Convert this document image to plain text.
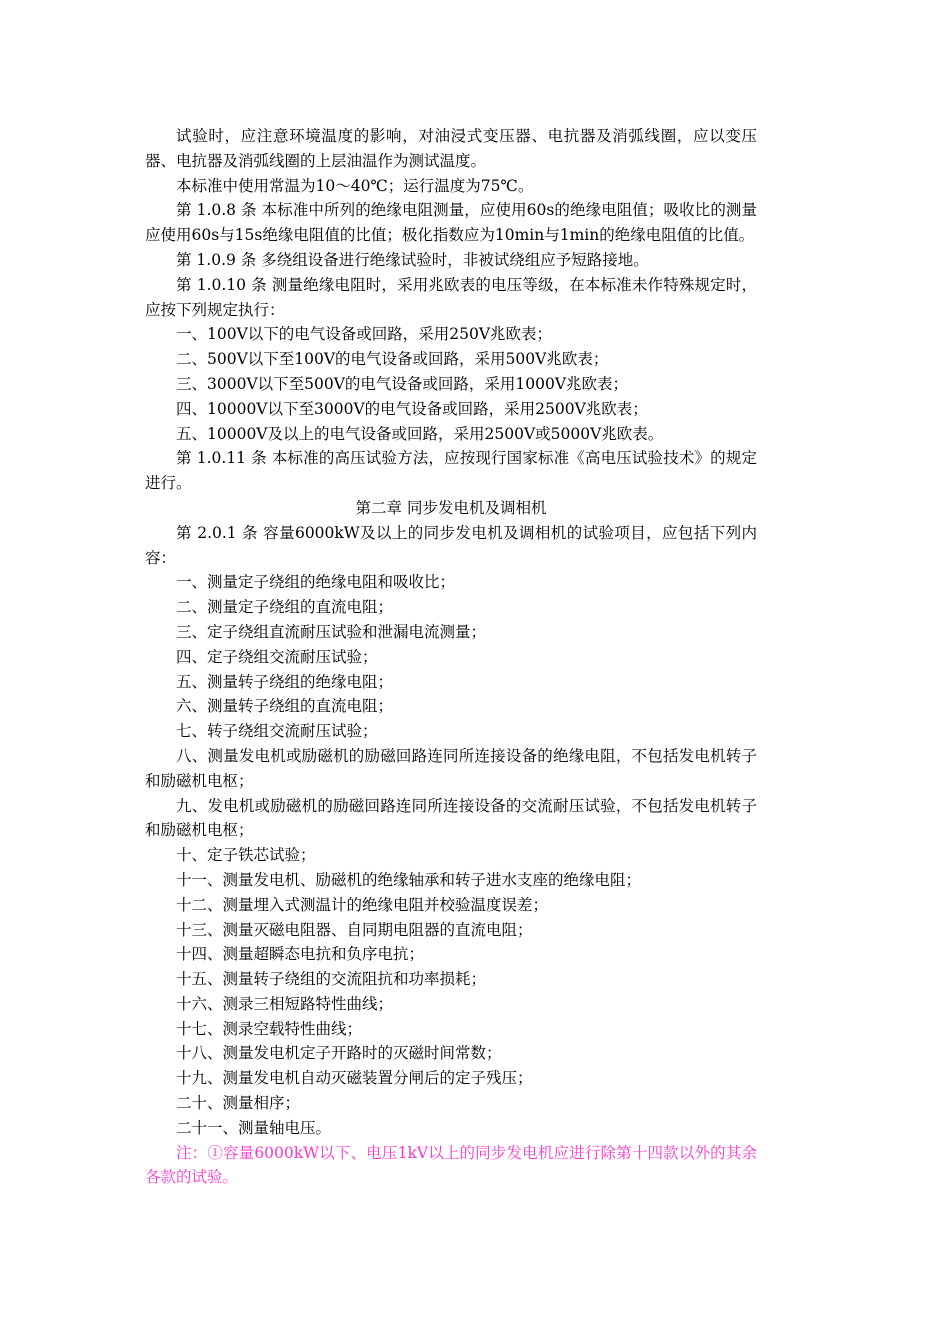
试验时，应注意环境温度的影响，对油浸式变压器、电抗器及消弧线圈，应以变压器、电抗器及消弧线圈的上层油温作为测试温度。

本标准中使用常温为10～40℃；运行温度为75℃。

第 1.0.8 条 本标准中所列的绝缘电阻测量，应使用60s的绝缘电阻值；吸收比的测量应使用60s与15s绝缘电阻值的比值；极化指数应为10min与1min的绝缘电阻值的比值。

第 1.0.9 条 多绕组设备进行绝缘试验时，非被试绕组应予短路接地。

第 1.0.10 条 测量绝缘电阻时，采用兆欧表的电压等级，在本标准未作特殊规定时，应按下列规定执行：

一、100V以下的电气设备或回路，采用250V兆欧表；

二、500V以下至100V的电气设备或回路，采用500V兆欧表；

三、3000V以下至500V的电气设备或回路，采用1000V兆欧表；

四、10000V以下至3000V的电气设备或回路，采用2500V兆欧表；

五、10000V及以上的电气设备或回路，采用2500V或5000V兆欧表。

第 1.0.11 条 本标准的高压试验方法，应按现行国家标准《高电压试验技术》的规定进行。

第二章 同步发电机及调相机

第 2.0.1 条 容量6000kW及以上的同步发电机及调相机的试验项目，应包括下列内容：

一、测量定子绕组的绝缘电阻和吸收比；

二、测量定子绕组的直流电阻；

三、定子绕组直流耐压试验和泄漏电流测量；

四、定子绕组交流耐压试验；

五、测量转子绕组的绝缘电阻；

六、测量转子绕组的直流电阻；

七、转子绕组交流耐压试验；

八、测量发电机或励磁机的励磁回路连同所连接设备的绝缘电阻，不包括发电机转子和励磁机电枢；

九、发电机或励磁机的励磁回路连同所连接设备的交流耐压试验，不包括发电机转子和励磁机电枢；

十、定子铁芯试验；

十一、测量发电机、励磁机的绝缘轴承和转子进水支座的绝缘电阻；

十二、测量埋入式测温计的绝缘电阻并校验温度误差；

十三、测量灭磁电阻器、自同期电阻器的直流电阻；

十四、测量超瞬态电抗和负序电抗；

十五、测量转子绕组的交流阻抗和功率损耗；

十六、测录三相短路特性曲线；

十七、测录空载特性曲线；

十八、测量发电机定子开路时的灭磁时间常数；

十九、测量发电机自动灭磁装置分闸后的定子残压；

二十、测量相序；

二十一、测量轴电压。

注：①容量6000kW以下、电压1kV以上的同步发电机应进行除第十四款以外的其余各款的试验。
